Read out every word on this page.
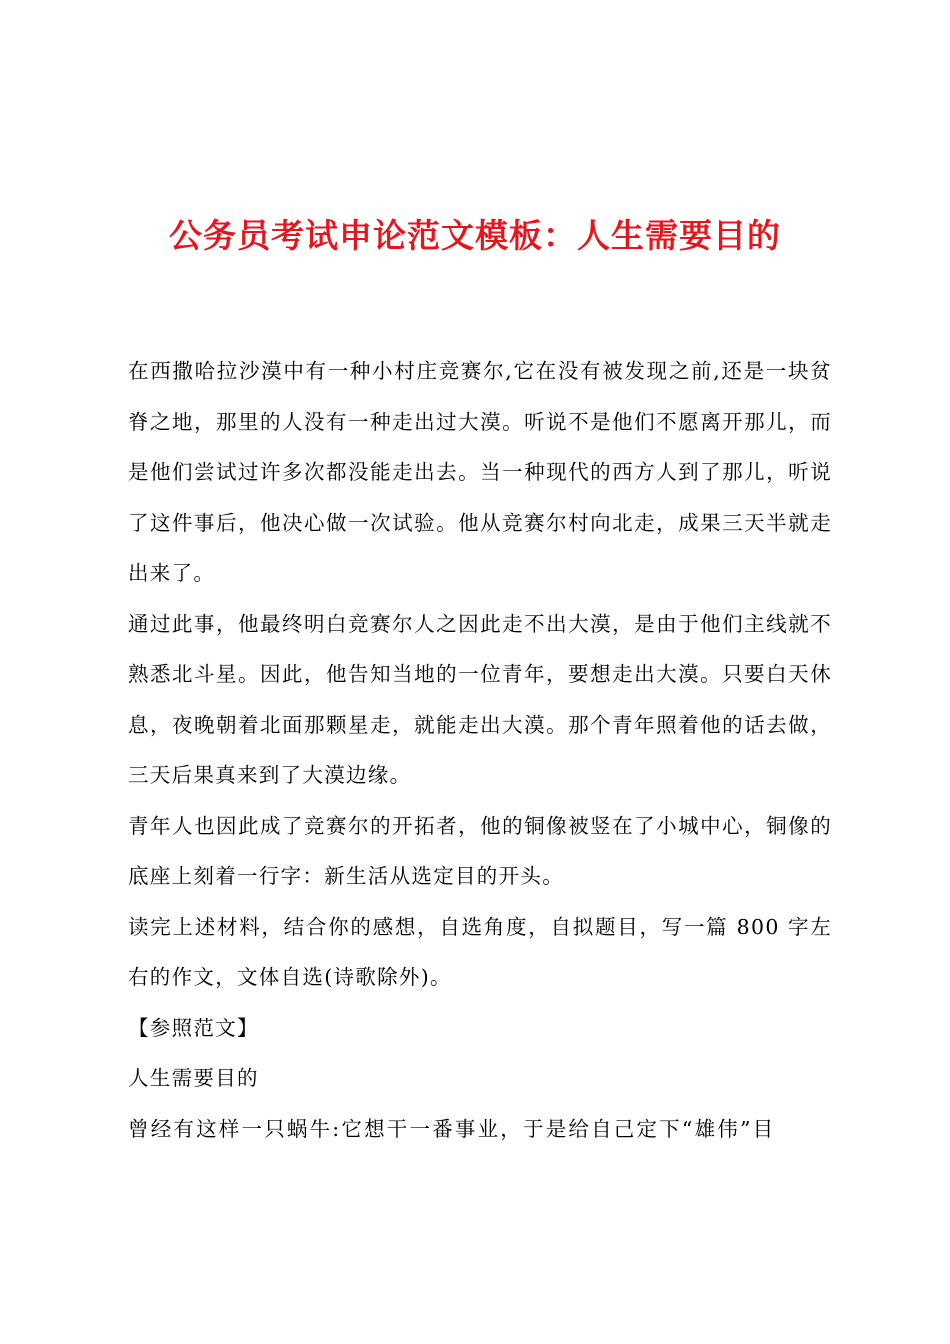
公务员考试申论范文模板：人生需要目的

在西撒哈拉沙漠中有一种小村庄竞赛尔,它在没有被发现之前,还是一块贫脊之地，那里的人没有一种走出过大漠。听说不是他们不愿离开那儿，而是他们尝试过许多次都没能走出去。当一种现代的西方人到了那儿，听说了这件事后，他决心做一次试验。他从竞赛尔村向北走，成果三天半就走出来了。

通过此事，他最终明白竞赛尔人之因此走不出大漠，是由于他们主线就不熟悉北斗星。因此，他告知当地的一位青年，要想走出大漠。只要白天休息，夜晚朝着北面那颗星走，就能走出大漠。那个青年照着他的话去做，三天后果真来到了大漠边缘。

青年人也因此成了竞赛尔的开拓者，他的铜像被竖在了小城中心，铜像的底座上刻着一行字：新生活从选定目的开头。

读完上述材料，结合你的感想，自选角度，自拟题目，写一篇 800 字左右的作文，文体自选(诗歌除外)。

【参照范文】

人生需要目的

曾经有这样一只蜗牛:它想干一番事业，于是给自己定下“雄伟”目
